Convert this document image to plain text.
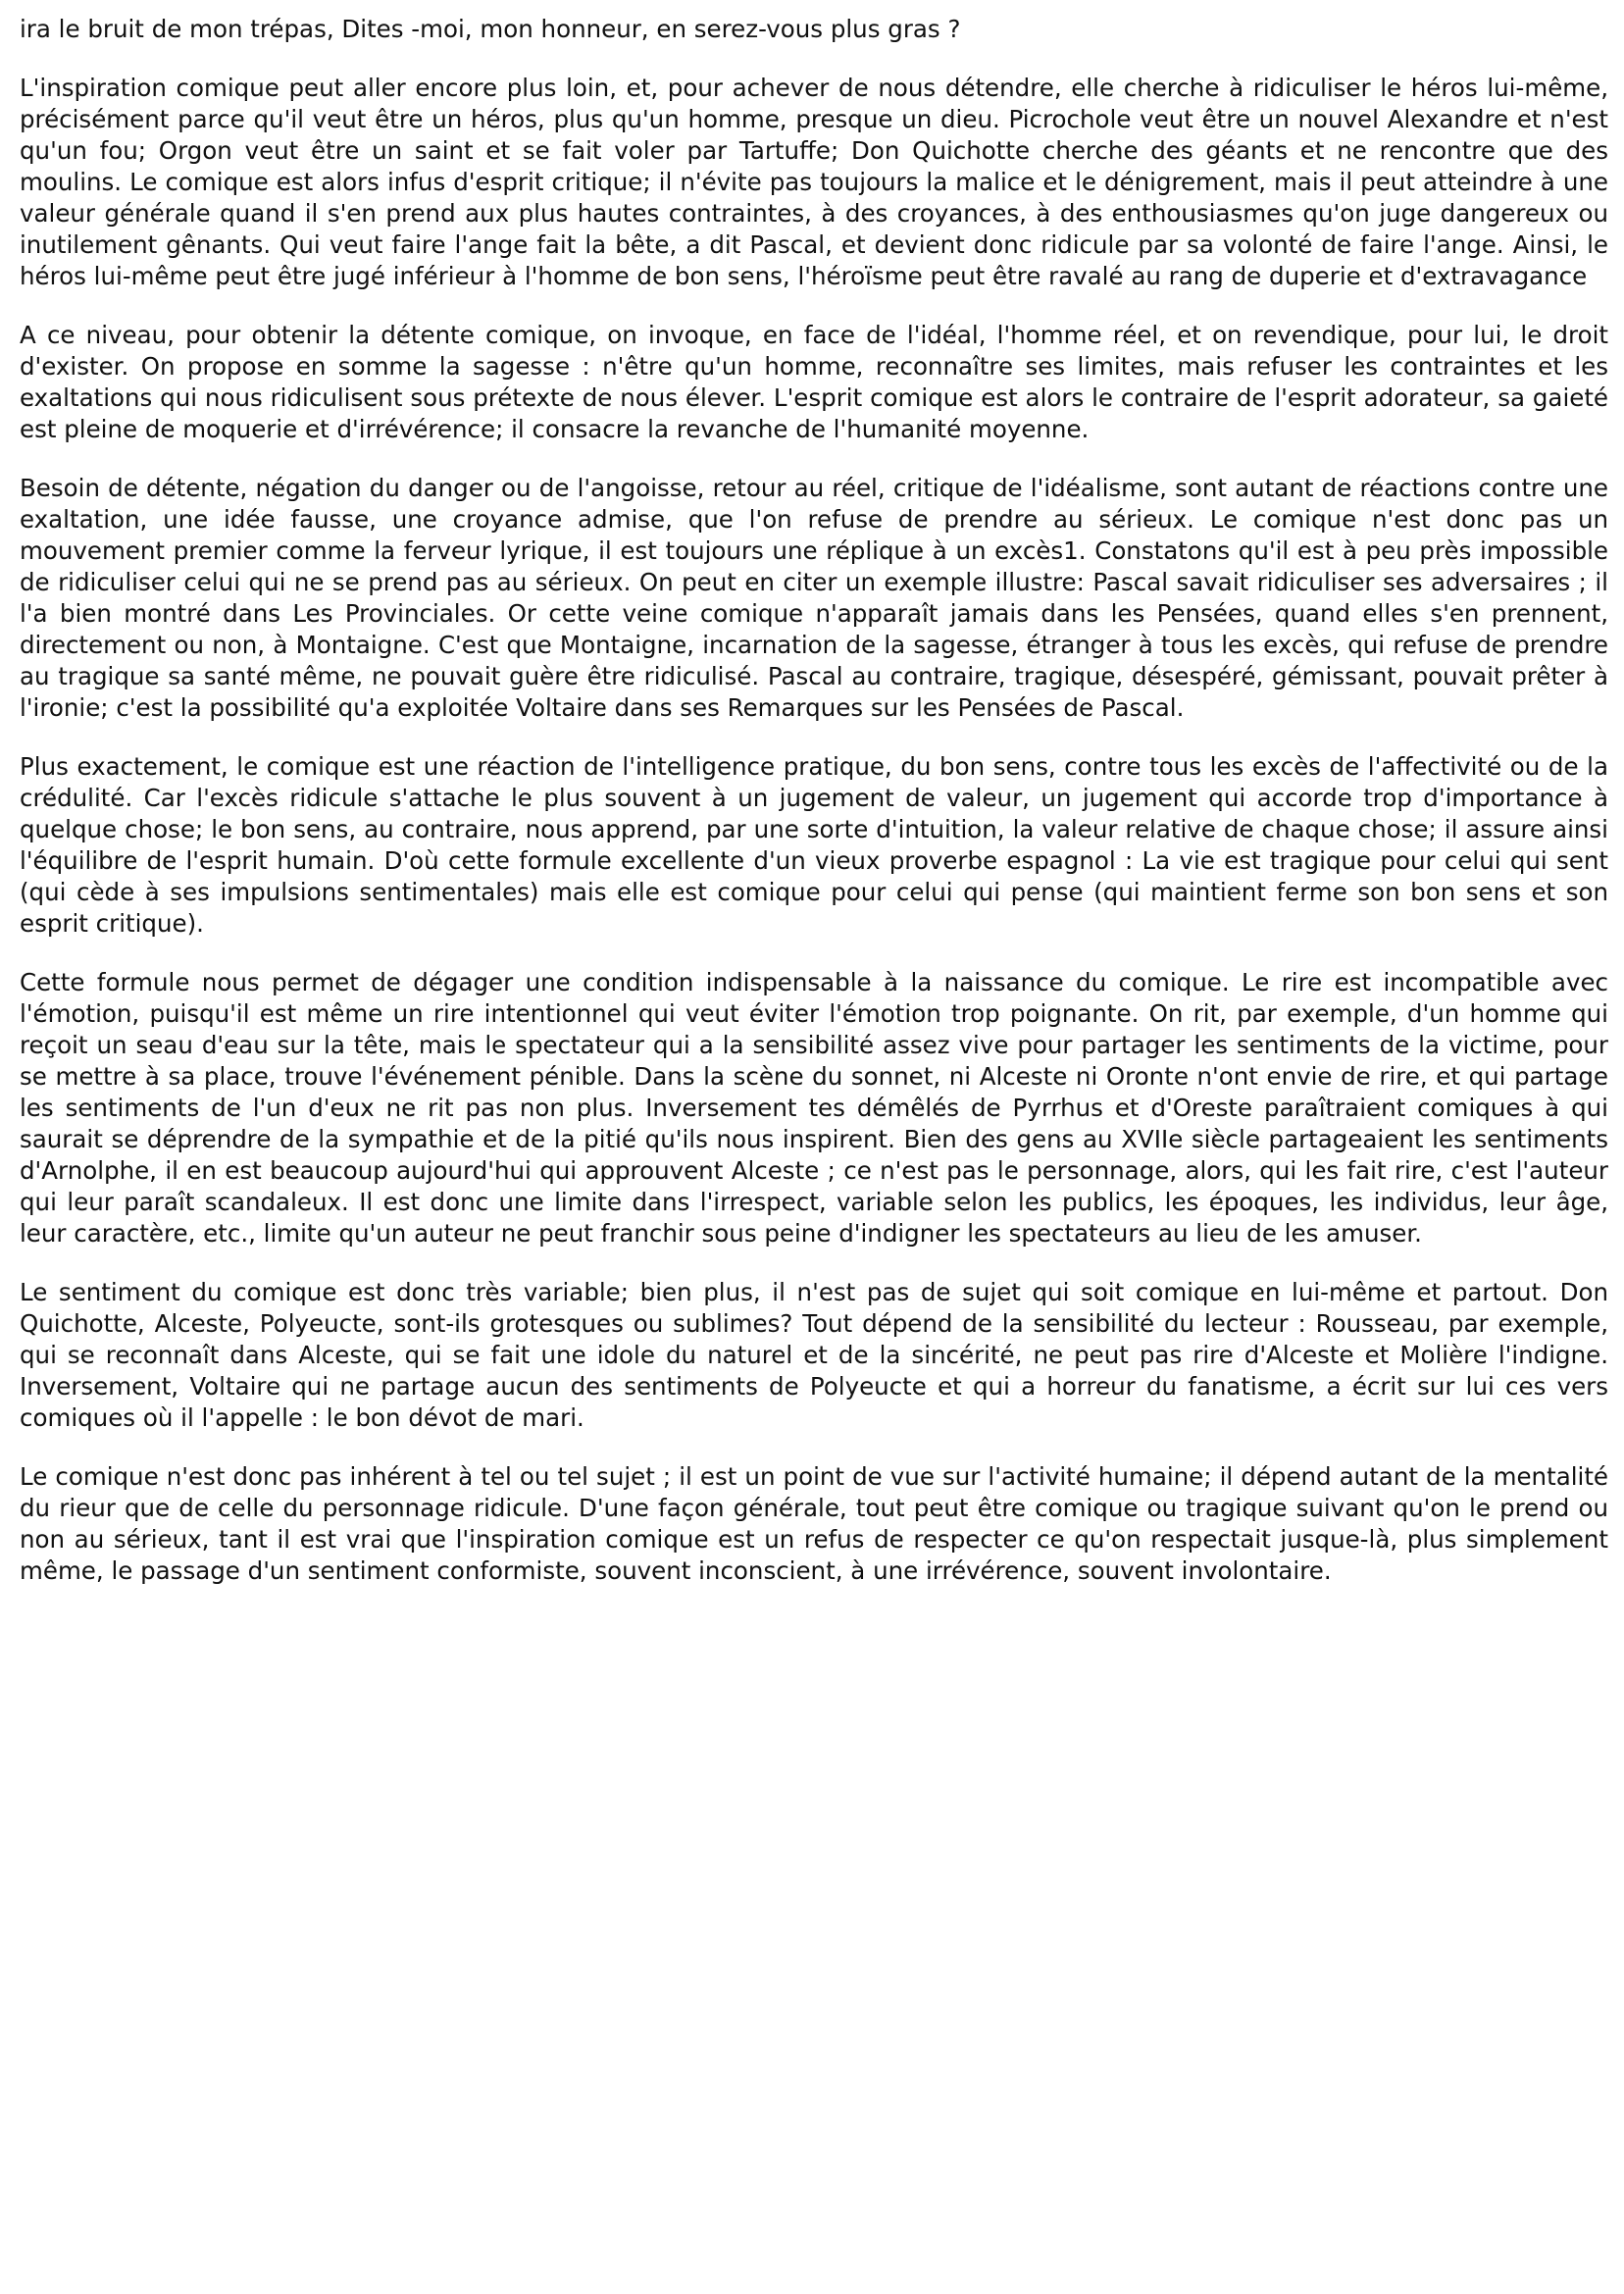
ira le bruit de mon trépas, Dites -moi, mon honneur, en serez-vous plus gras ?

L'inspiration comique peut aller encore plus loin, et, pour achever de nous détendre, elle cherche à ridiculiser le héros lui-même, précisément parce qu'il veut être un héros, plus qu'un homme, presque un dieu. Picrochole veut être un nouvel Alexandre et n'est qu'un fou; Orgon veut être un saint et se fait voler par Tartuffe; Don Quichotte cherche des géants et ne rencontre que des moulins. Le comique est alors infus d'esprit critique; il n'évite pas toujours la malice et le dénigrement, mais il peut atteindre à une valeur générale quand il s'en prend aux plus hautes contraintes, à des croyances, à des enthousiasmes qu'on juge dangereux ou inutilement gênants. Qui veut faire l'ange fait la bête, a dit Pascal, et devient donc ridicule par sa volonté de faire l'ange. Ainsi, le héros lui-même peut être jugé inférieur à l'homme de bon sens, l'héroïsme peut être ravalé au rang de duperie et d'extravagance

A ce niveau, pour obtenir la détente comique, on invoque, en face de l'idéal, l'homme réel, et on revendique, pour lui, le droit d'exister. On propose en somme la sagesse : n'être qu'un homme, reconnaître ses limites, mais refuser les contraintes et les exaltations qui nous ridiculisent sous prétexte de nous élever. L'esprit comique est alors le contraire de l'esprit adorateur, sa gaieté est pleine de moquerie et d'irrévérence; il consacre la revanche de l'humanité moyenne.

Besoin de détente, négation du danger ou de l'angoisse, retour au réel, critique de l'idéalisme, sont autant de réactions contre une exaltation, une idée fausse, une croyance admise, que l'on refuse de prendre au sérieux. Le comique n'est donc pas un mouvement premier comme la ferveur lyrique, il est toujours une réplique à un excès1. Constatons qu'il est à peu près impossible de ridiculiser celui qui ne se prend pas au sérieux. On peut en citer un exemple illustre: Pascal savait ridiculiser ses adversaires ; il l'a bien montré dans Les Provinciales. Or cette veine comique n'apparaît jamais dans les Pensées, quand elles s'en prennent, directement ou non, à Montaigne. C'est que Montaigne, incarnation de la sagesse, étranger à tous les excès, qui refuse de prendre au tragique sa santé même, ne pouvait guère être ridiculisé. Pascal au contraire, tragique, désespéré, gémissant, pouvait prêter à l'ironie; c'est la possibilité qu'a exploitée Voltaire dans ses Remarques sur les Pensées de Pascal.

Plus exactement, le comique est une réaction de l'intelligence pratique, du bon sens, contre tous les excès de l'affectivité ou de la crédulité. Car l'excès ridicule s'attache le plus souvent à un jugement de valeur, un jugement qui accorde trop d'importance à quelque chose; le bon sens, au contraire, nous apprend, par une sorte d'intuition, la valeur relative de chaque chose; il assure ainsi l'équilibre de l'esprit humain. D'où cette formule excellente d'un vieux proverbe espagnol : La vie est tragique pour celui qui sent (qui cède à ses impulsions sentimentales) mais elle est comique pour celui qui pense (qui maintient ferme son bon sens et son esprit critique).

Cette formule nous permet de dégager une condition indispensable à la naissance du comique. Le rire est incompatible avec l'émotion, puisqu'il est même un rire intentionnel qui veut éviter l'émotion trop poignante. On rit, par exemple, d'un homme qui reçoit un seau d'eau sur la tête, mais le spectateur qui a la sensibilité assez vive pour partager les sentiments de la victime, pour se mettre à sa place, trouve l'événement pénible. Dans la scène du sonnet, ni Alceste ni Oronte n'ont envie de rire, et qui partage les sentiments de l'un d'eux ne rit pas non plus. Inversement tes démêlés de Pyrrhus et d'Oreste paraîtraient comiques à qui saurait se déprendre de la sympathie et de la pitié qu'ils nous inspirent. Bien des gens au XVIIe siècle partageaient les sentiments d'Arnolphe, il en est beaucoup aujourd'hui qui approuvent Alceste ; ce n'est pas le personnage, alors, qui les fait rire, c'est l'auteur qui leur paraît scandaleux. Il est donc une limite dans l'irrespect, variable selon les publics, les époques, les individus, leur âge, leur caractère, etc., limite qu'un auteur ne peut franchir sous peine d'indigner les spectateurs au lieu de les amuser.

Le sentiment du comique est donc très variable; bien plus, il n'est pas de sujet qui soit comique en lui-même et partout. Don Quichotte, Alceste, Polyeucte, sont-ils grotesques ou sublimes? Tout dépend de la sensibilité du lecteur : Rousseau, par exemple, qui se reconnaît dans Alceste, qui se fait une idole du naturel et de la sincérité, ne peut pas rire d'Alceste et Molière l'indigne. Inversement, Voltaire qui ne partage aucun des sentiments de Polyeucte et qui a horreur du fanatisme, a écrit sur lui ces vers comiques où il l'appelle : le bon dévot de mari.

Le comique n'est donc pas inhérent à tel ou tel sujet ; il est un point de vue sur l'activité humaine; il dépend autant de la mentalité du rieur que de celle du personnage ridicule. D'une façon générale, tout peut être comique ou tragique suivant qu'on le prend ou non au sérieux, tant il est vrai que l'inspiration comique est un refus de respecter ce qu'on respectait jusque-là, plus simplement même, le passage d'un sentiment conformiste, souvent inconscient, à une irrévérence, souvent involontaire.
